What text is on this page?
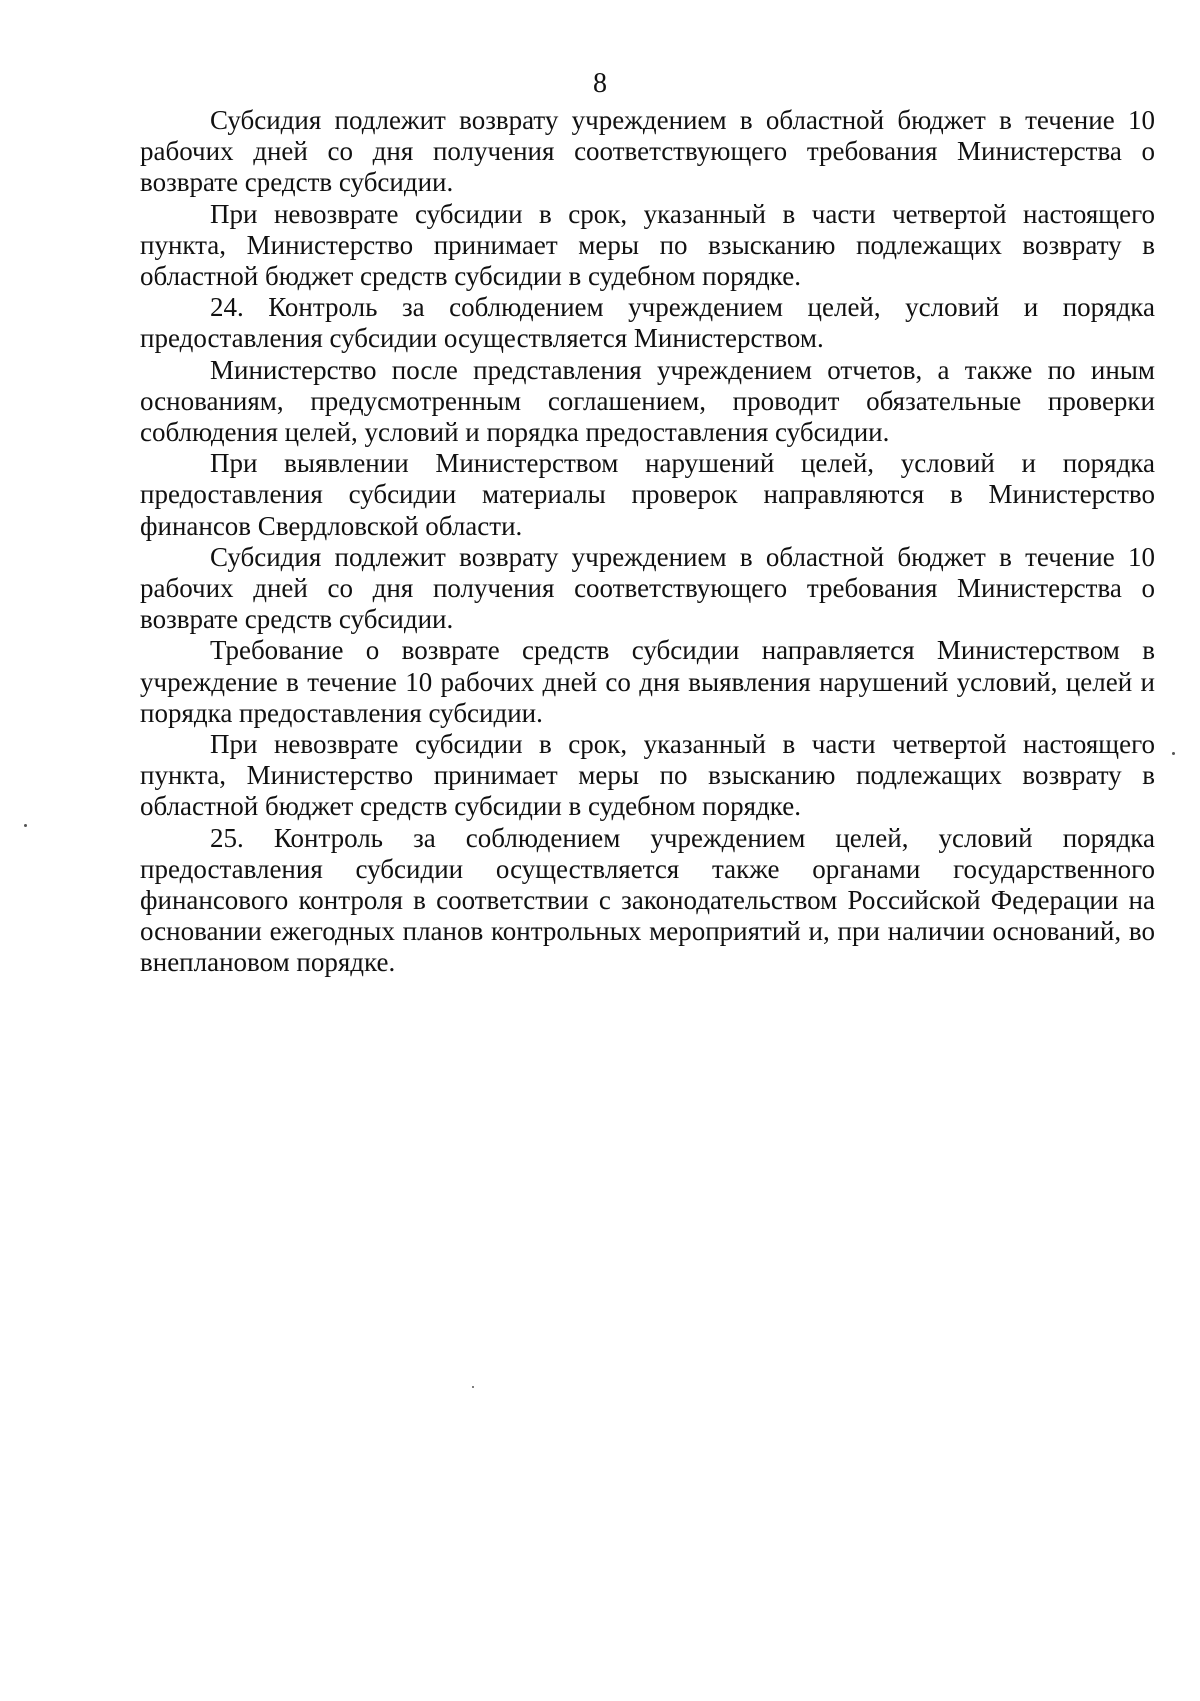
8

Субсидия подлежит возврату учреждением в областной бюджет в течение 10 рабочих дней со дня получения соответствующего требования Министерства о возврате средств субсидии.

При невозврате субсидии в срок, указанный в части четвертой настоящего пункта, Министерство принимает меры по взысканию подлежащих возврату в областной бюджет средств субсидии в судебном порядке.

24. Контроль за соблюдением учреждением целей, условий и порядка предоставления субсидии осуществляется Министерством.

Министерство после представления учреждением отчетов, а также по иным основаниям, предусмотренным соглашением, проводит обязательные проверки соблюдения целей, условий и порядка предоставления субсидии.

При выявлении Министерством нарушений целей, условий и порядка предоставления субсидии материалы проверок направляются в Министерство финансов Свердловской области.

Субсидия подлежит возврату учреждением в областной бюджет в течение 10 рабочих дней со дня получения соответствующего требования Министерства о возврате средств субсидии.

Требование о возврате средств субсидии направляется Министерством в учреждение в течение 10 рабочих дней со дня выявления нарушений условий, целей и порядка предоставления субсидии.

При невозврате субсидии в срок, указанный в части четвертой настоящего пункта, Министерство принимает меры по взысканию подлежащих возврату в областной бюджет средств субсидии в судебном порядке.

25. Контроль за соблюдением учреждением целей, условий порядка предоставления субсидии осуществляется также органами государственного финансового контроля в соответствии с законодательством Российской Федерации на основании ежегодных планов контрольных мероприятий и, при наличии оснований, во внеплановом порядке.
